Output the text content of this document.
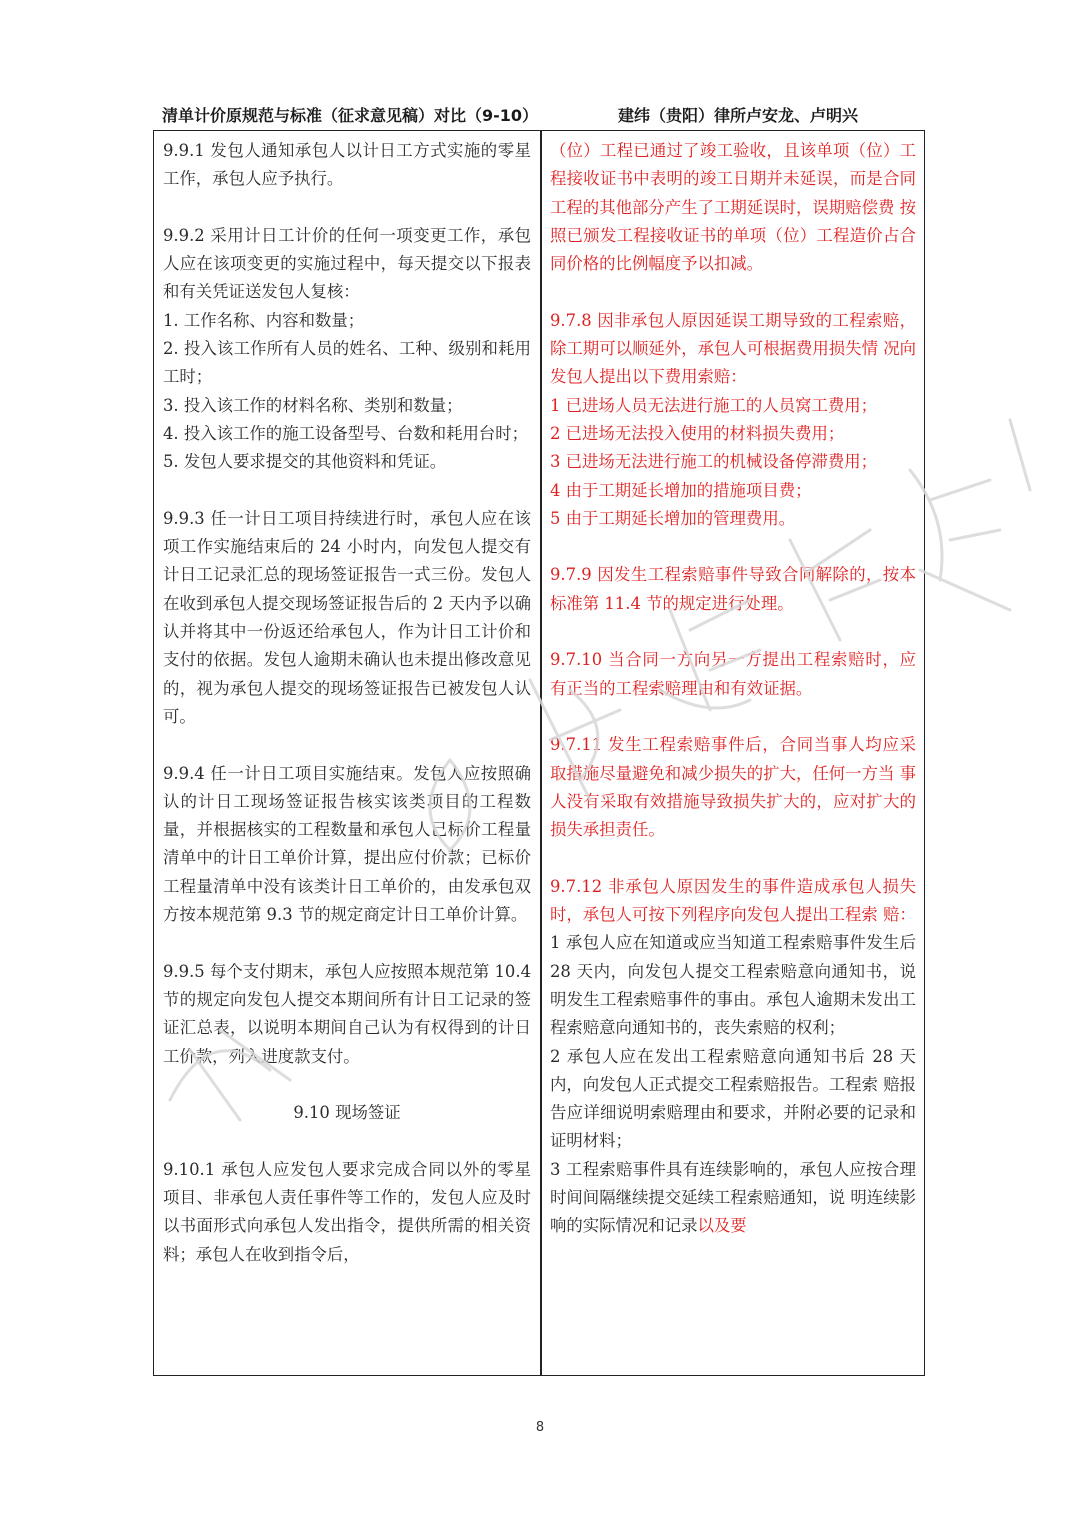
清单计价原规范与标准（征求意见稿）对比（9-10）	建纬（贵阳）律所卢安龙、卢明兴

9.9.1 发包人通知承包人以计日工方式实施的零星工作，承包人应予执行。

9.9.2 采用计日工计价的任何一项变更工作，承包人应在该项变更的实施过程中，每天提交以下报表和有关凭证送发包人复核：

1. 工作名称、内容和数量；

2. 投入该工作所有人员的姓名、工种、级别和耗用工时；

3. 投入该工作的材料名称、类别和数量；

4. 投入该工作的施工设备型号、台数和耗用台时；

5. 发包人要求提交的其他资料和凭证。

9.9.3 任一计日工项目持续进行时，承包人应在该项工作实施结束后的 24 小时内，向发包人提交有计日工记录汇总的现场签证报告一式三份。发包人在收到承包人提交现场签证报告后的 2 天内予以确认并将其中一份返还给承包人，作为计日工计价和支付的依据。发包人逾期未确认也未提出修改意见的，视为承包人提交的现场签证报告已被发包人认可。

9.9.4 任一计日工项目实施结束。发包人应按照确认的计日工现场签证报告核实该类项目的工程数量，并根据核实的工程数量和承包人已标价工程量清单中的计日工单价计算，提出应付价款；已标价工程量清单中没有该类计日工单价的，由发承包双方按本规范第 9.3 节的规定商定计日工单价计算。

9.9.5 每个支付期末，承包人应按照本规范第 10.4 节的规定向发包人提交本期间所有计日工记录的签证汇总表，以说明本期间自己认为有权得到的计日工价款，列入进度款支付。

9.10 现场签证

9.10.1 承包人应发包人要求完成合同以外的零星项目、非承包人责任事件等工作的，发包人应及时以书面形式向承包人发出指令，提供所需的相关资料；承包人在收到指令后，

（位）工程已通过了竣工验收，且该单项（位）工 程接收证书中表明的竣工日期并未延误，而是合同工程的其他部分产生了工期延误时，误期赔偿费 按照已颁发工程接收证书的单项（位）工程造价占合同价格的比例幅度予以扣减。

9.7.8 因非承包人原因延误工期导致的工程索赔，除工期可以顺延外，承包人可根据费用损失情 况向发包人提出以下费用索赔：

1 已进场人员无法进行施工的人员窝工费用；

2 已进场无法投入使用的材料损失费用；

3 已进场无法进行施工的机械设备停滞费用；

4 由于工期延长增加的措施项目费；

5 由于工期延长增加的管理费用。

9.7.9 因发生工程索赔事件导致合同解除的，按本标准第 11.4 节的规定进行处理。

9.7.10 当合同一方向另一方提出工程索赔时，应有正当的工程索赔理由和有效证据。

9.7.11 发生工程索赔事件后，合同当事人均应采取措施尽量避免和减少损失的扩大，任何一方当 事人没有采取有效措施导致损失扩大的，应对扩大的损失承担责任。

9.7.12 非承包人原因发生的事件造成承包人损失时，承包人可按下列程序向发包人提出工程索 赔：

1 承包人应在知道或应当知道工程索赔事件发生后 28 天内，向发包人提交工程索赔意向通知书，说明发生工程索赔事件的事由。承包人逾期未发出工程索赔意向通知书的，丧失索赔的权利；

2 承包人应在发出工程索赔意向通知书后 28 天内，向发包人正式提交工程索赔报告。工程索 赔报告应详细说明索赔理由和要求，并附必要的记录和证明材料；

3 工程索赔事件具有连续影响的，承包人应按合理时间间隔继续提交延续工程索赔通知，说 明连续影响的实际情况和记录以及要

8
